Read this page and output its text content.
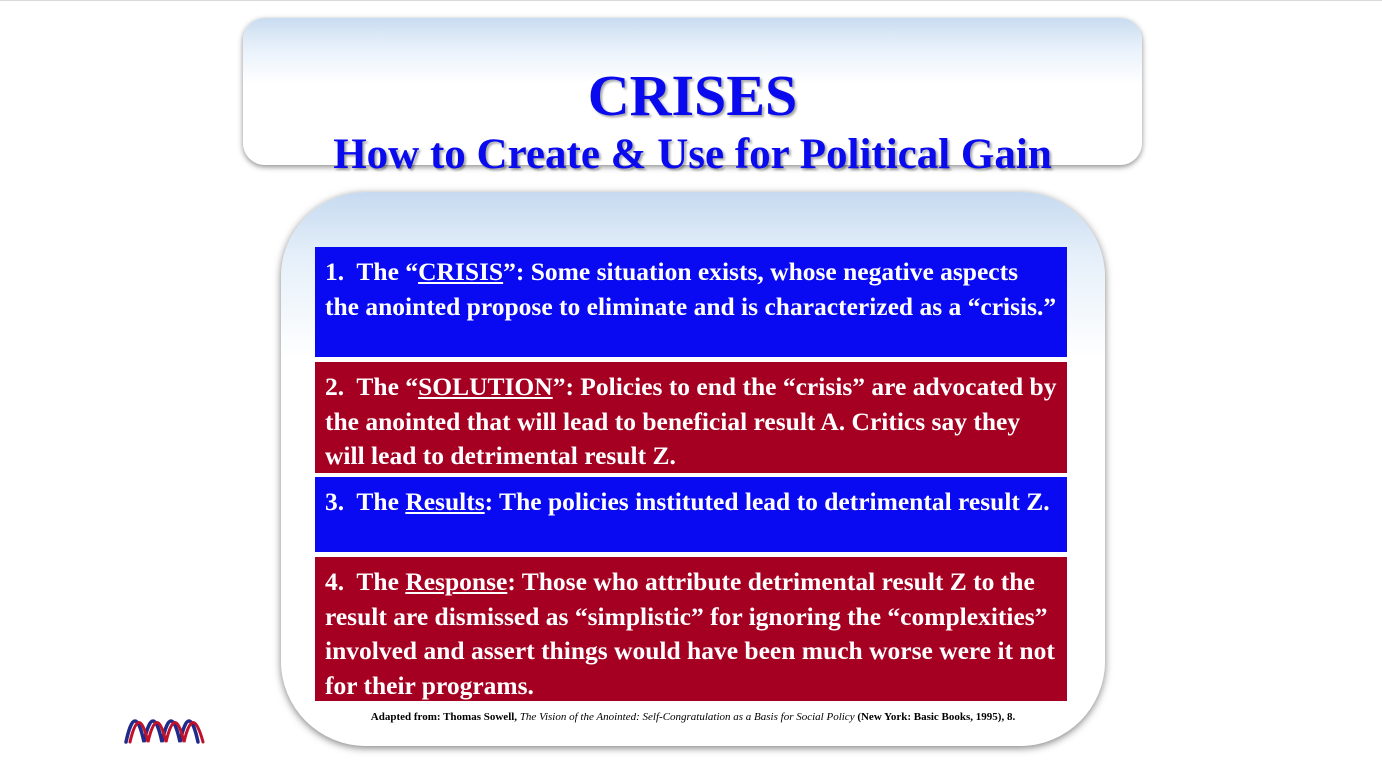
CRISES
How to Create & Use for Political Gain
1. The “CRISIS”: Some situation exists, whose negative aspects the anointed propose to eliminate and is characterized as a “crisis.”
2. The “SOLUTION”: Policies to end the “crisis” are advocated by the anointed that will lead to beneficial result A. Critics say they will lead to detrimental result Z.
3. The Results: The policies instituted lead to detrimental result Z.
4. The Response: Those who attribute detrimental result Z to the result are dismissed as “simplistic” for ignoring the “complexities” involved and assert things would have been much worse were it not for their programs.
Adapted from: Thomas Sowell, The Vision of the Anointed: Self-Congratulation as a Basis for Social Policy (New York: Basic Books, 1995), 8.
